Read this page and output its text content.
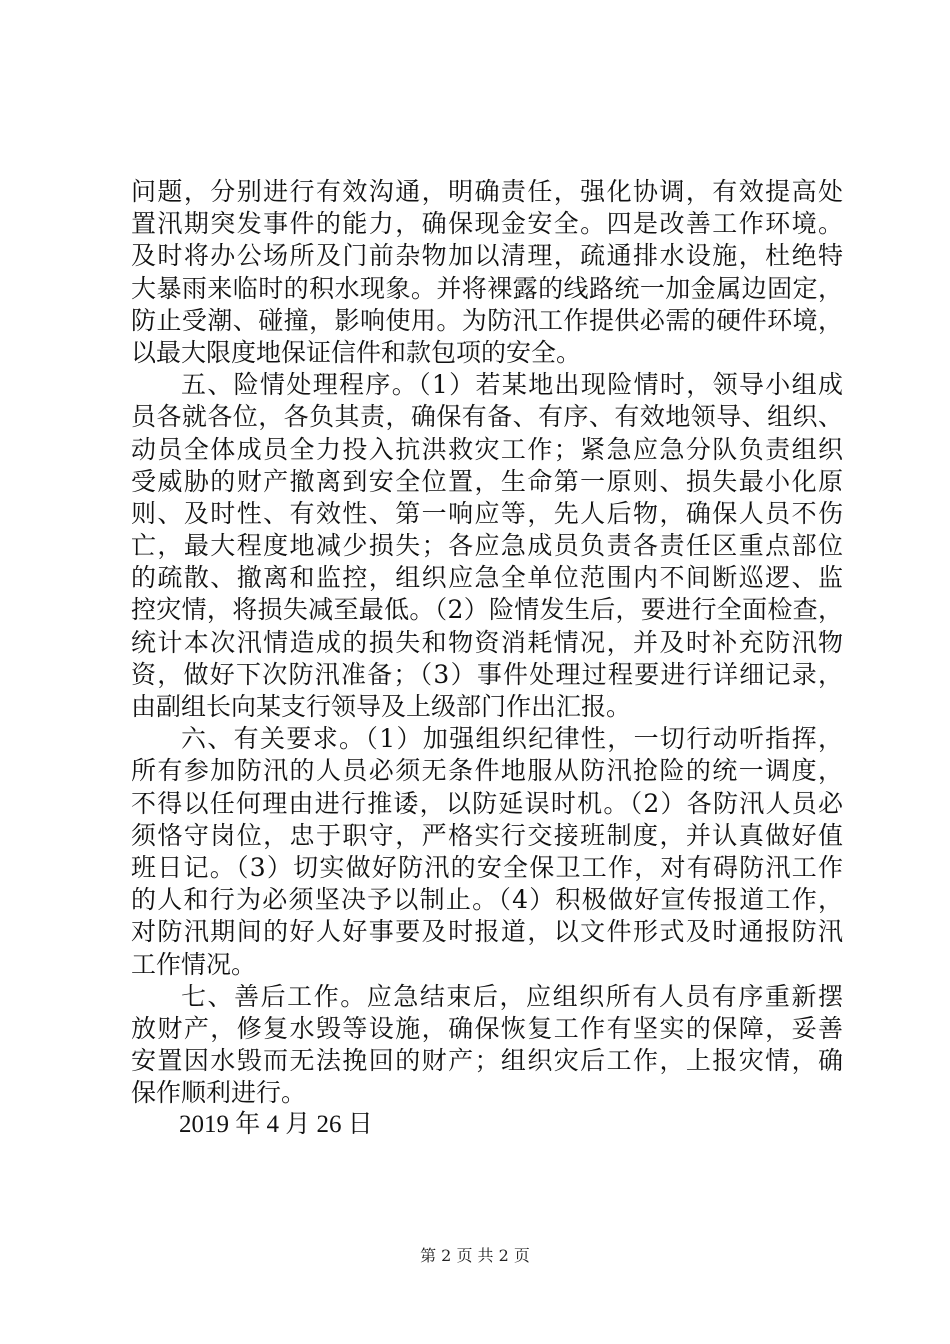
问题，分别进行有效沟通，明确责任，强化协调，有效提高处
置汛期突发事件的能力，确保现金安全。四是改善工作环境。
及时将办公场所及门前杂物加以清理，疏通排水设施，杜绝特
大暴雨来临时的积水现象。并将裸露的线路统一加金属边固定，
防止受潮、碰撞，影响使用。为防汛工作提供必需的硬件环境，
以最大限度地保证信件和款包项的安全。
五、险情处理程序。（1）若某地出现险情时，领导小组成
员各就各位，各负其责，确保有备、有序、有效地领导、组织、
动员全体成员全力投入抗洪救灾工作；紧急应急分队负责组织
受威胁的财产撤离到安全位置，生命第一原则、损失最小化原
则、及时性、有效性、第一响应等，先人后物，确保人员不伤
亡，最大程度地减少损失；各应急成员负责各责任区重点部位
的疏散、撤离和监控，组织应急全单位范围内不间断巡逻、监
控灾情，将损失减至最低。（2）险情发生后，要进行全面检查，
统计本次汛情造成的损失和物资消耗情况，并及时补充防汛物
资，做好下次防汛准备；（3）事件处理过程要进行详细记录，
由副组长向某支行领导及上级部门作出汇报。
六、有关要求。（1）加强组织纪律性，一切行动听指挥，
所有参加防汛的人员必须无条件地服从防汛抢险的统一调度，
不得以任何理由进行推诿，以防延误时机。（2）各防汛人员必
须恪守岗位，忠于职守，严格实行交接班制度，并认真做好值
班日记。（3）切实做好防汛的安全保卫工作，对有碍防汛工作
的人和行为必须坚决予以制止。（4）积极做好宣传报道工作，
对防汛期间的好人好事要及时报道，以文件形式及时通报防汛
工作情况。
七、善后工作。应急结束后，应组织所有人员有序重新摆
放财产，修复水毁等设施，确保恢复工作有坚实的保障，妥善
安置因水毁而无法挽回的财产；组织灾后工作，上报灾情，确
保作顺利进行。
2019 年 4 月 26 日
第 2 页 共 2 页
